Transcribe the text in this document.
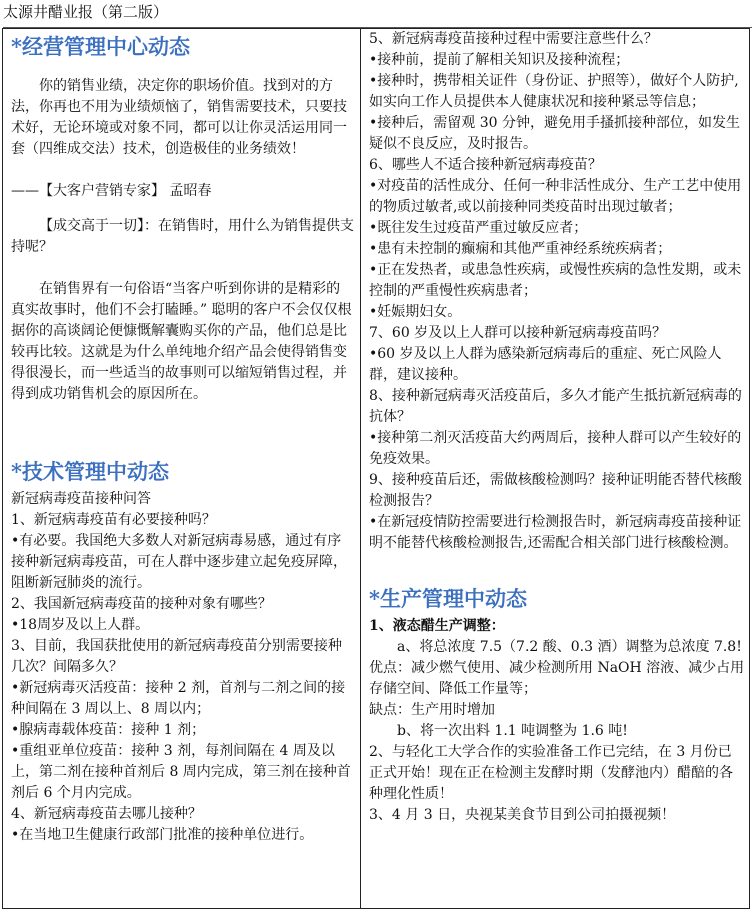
太源井醋业报（第二版）
*经营管理中心动态

你的销售业绩，决定你的职场价值。找到对的方法，你再也不用为业绩烦恼了，销售需要技术，只要技术好，无论环境或对象不同，都可以让你灵活运用同一套（四维成交法）技术，创造极佳的业务绩效！

——【大客户营销专家】 孟昭春

【成交高于一切】：在销售时，用什么为销售提供支持呢？

在销售界有一句俗语“当客户听到你讲的是精彩的真实故事时，他们不会打瞌睡。” 聪明的客户不会仅仅根据你的高谈阔论便慷慨解囊购买你的产品，他们总是比较再比较。这就是为什么单纯地介绍产品会使得销售变得很漫长，而一些适当的故事则可以缩短销售过程，并得到成功销售机会的原因所在。

*技术管理中动态

新冠病毒疫苗接种问答

1、新冠病毒疫苗有必要接种吗？

•有必要。我国绝大多数人对新冠病毒易感，通过有序接种新冠病毒疫苗，可在人群中逐步建立起免疫屏障，阻断新冠肺炎的流行。

2、我国新冠病毒疫苗的接种对象有哪些？

•18周岁及以上人群。

3、目前，我国获批使用的新冠病毒疫苗分别需要接种几次？间隔多久？

•新冠病毒灭活疫苗：接种 2 剂，首剂与二剂之间的接种间隔在 3 周以上、8 周以内；

•腺病毒载体疫苗：接种 1 剂；

•重组亚单位疫苗：接种 3 剂，每剂间隔在 4 周及以上，第二剂在接种首剂后 8 周内完成，第三剂在接种首剂后 6 个月内完成。

4、新冠病毒疫苗去哪儿接种？

•在当地卫生健康行政部门批准的接种单位进行。

5、新冠病毒疫苗接种过程中需要注意些什么？

•接种前，提前了解相关知识及接种流程；

•接种时，携带相关证件（身份证、护照等），做好个人防护,如实向工作人员提供本人健康状况和接种紧忌等信息；

•接种后，需留观 30 分钟，避免用手搔抓接种部位，如发生疑似不良反应，及时报告。

6、哪些人不适合接种新冠病毒疫苗？

•对疫苗的活性成分、任何一种非活性成分、生产工艺中使用的物质过敏者,或以前接种同类疫苗时出现过敏者；

•既往发生过疫苗严重过敏反应者；

•患有未控制的癫痫和其他严重神经系统疾病者；

•正在发热者，或患急性疾病，或慢性疾病的急性发期，或未控制的严重慢性疾病患者；

•妊娠期妇女。

7、60 岁及以上人群可以接种新冠病毒疫苗吗？

•60 岁及以上人群为感染新冠病毒后的重症、死亡风险人群，建议接种。

8、接种新冠病毒灭活疫苗后，多久才能产生抵抗新冠病毒的抗体？

•接种第二剂灭活疫苗大约两周后，接种人群可以产生较好的免疫效果。

9、接种疫苗后还，需做核酸检测吗？接种证明能否替代核酸检测报告？

•在新冠疫情防控需要进行检测报告时，新冠病毒疫苗接种证明不能替代核酸检测报告,还需配合相关部门进行核酸检测。

*生产管理中动态

1、液态醋生产调整：

a、将总浓度 7.5（7.2 酸、0.3 酒）调整为总浓度 7.8!优点：减少燃气使用、减少检测所用 NaOH 溶液、减少占用存储空间、降低工作量等；

缺点：生产用时增加

b、将一次出料 1.1 吨调整为 1.6 吨!

2、与轻化工大学合作的实验准备工作已完结，在 3 月份已正式开始！现在正在检测主发酵时期（发酵池内）醋醅的各种理化性质！

3、4 月 3 日，央视某美食节目到公司拍摄视频！
